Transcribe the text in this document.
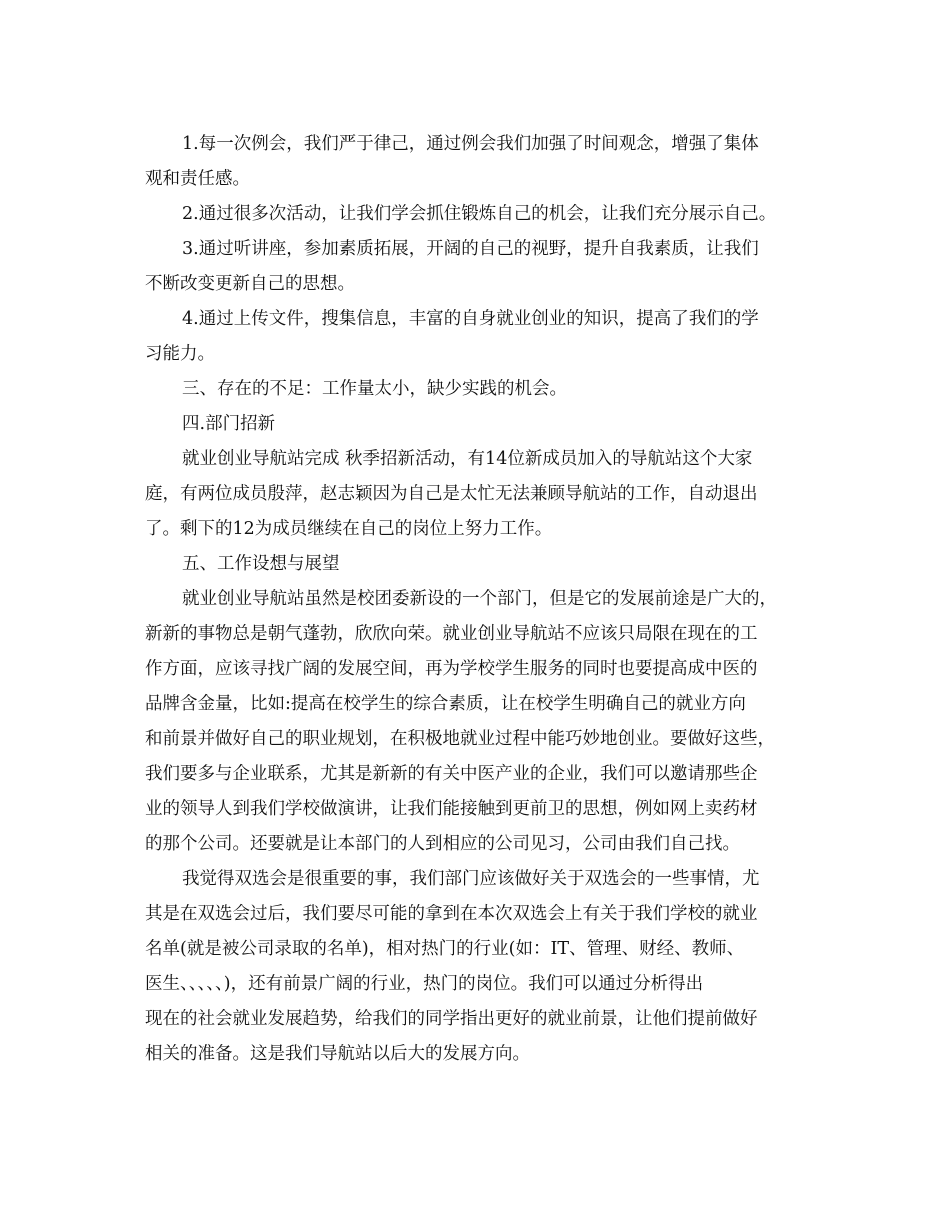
1.每一次例会，我们严于律己，通过例会我们加强了时间观念，增强了集体
观和责任感。
2.通过很多次活动，让我们学会抓住锻炼自己的机会，让我们充分展示自己。
3.通过听讲座，参加素质拓展，开阔的自己的视野，提升自我素质，让我们
不断改变更新自己的思想。
4.通过上传文件，搜集信息，丰富的自身就业创业的知识，提高了我们的学
习能力。
三、存在的不足：工作量太小，缺少实践的机会。
四.部门招新
就业创业导航站完成 秋季招新活动，有14位新成员加入的导航站这个大家
庭，有两位成员殷萍，赵志颖因为自己是太忙无法兼顾导航站的工作，自动退出
了。剩下的12为成员继续在自己的岗位上努力工作。
五、工作设想与展望
就业创业导航站虽然是校团委新设的一个部门，但是它的发展前途是广大的，
新新的事物总是朝气蓬勃，欣欣向荣。就业创业导航站不应该只局限在现在的工
作方面，应该寻找广阔的发展空间，再为学校学生服务的同时也要提高成中医的
品牌含金量，比如:提高在校学生的综合素质，让在校学生明确自己的就业方向
和前景并做好自己的职业规划，在积极地就业过程中能巧妙地创业。要做好这些，
我们要多与企业联系，尤其是新新的有关中医产业的企业，我们可以邀请那些企
业的领导人到我们学校做演讲，让我们能接触到更前卫的思想，例如网上卖药材
的那个公司。还要就是让本部门的人到相应的公司见习，公司由我们自己找。
我觉得双选会是很重要的事，我们部门应该做好关于双选会的一些事情，尤
其是在双选会过后，我们要尽可能的拿到在本次双选会上有关于我们学校的就业
名单(就是被公司录取的名单)，相对热门的行业(如：IT、管理、财经、教师、
医生、、、、、)，还有前景广阔的行业，热门的岗位。我们可以通过分析得出
现在的社会就业发展趋势，给我们的同学指出更好的就业前景，让他们提前做好
相关的准备。这是我们导航站以后大的发展方向。
